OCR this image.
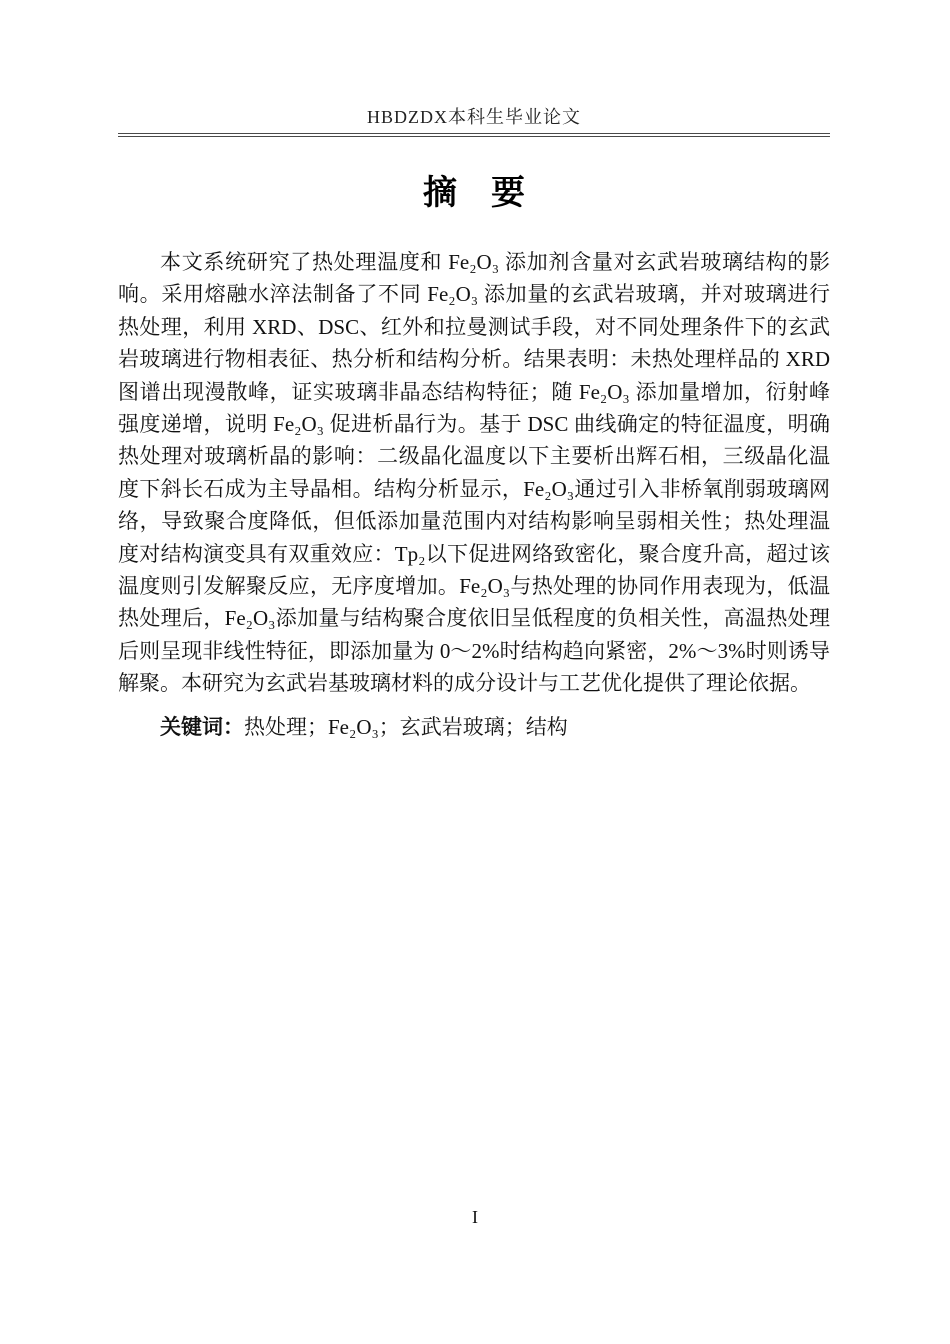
HBDZDX本科生毕业论文
摘　要

本文系统研究了热处理温度和 Fe₂O₃ 添加剂含量对玄武岩玻璃结构的影响。采用熔融水淬法制备了不同 Fe₂O₃ 添加量的玄武岩玻璃，并对玻璃进行热处理，利用 XRD、DSC、红外和拉曼测试手段，对不同处理条件下的玄武岩玻璃进行物相表征、热分析和结构分析。结果表明：未热处理样品的 XRD 图谱出现漫散峰，证实玻璃非晶态结构特征；随 Fe₂O₃ 添加量增加，衍射峰强度递增，说明 Fe₂O₃ 促进析晶行为。基于 DSC 曲线确定的特征温度，明确热处理对玻璃析晶的影响：二级晶化温度以下主要析出辉石相，三级晶化温度下斜长石成为主导晶相。结构分析显示，Fe₂O₃通过引入非桥氧削弱玻璃网络，导致聚合度降低，但低添加量范围内对结构影响呈弱相关性；热处理温度对结构演变具有双重效应：Tp₂以下促进网络致密化，聚合度升高，超过该温度则引发解聚反应，无序度增加。Fe₂O₃与热处理的协同作用表现为，低温热处理后，Fe₂O₃添加量与结构聚合度依旧呈低程度的负相关性，高温热处理后则呈现非线性特征，即添加量为 0～2%时结构趋向紧密，2%～3%时则诱导解聚。本研究为玄武岩基玻璃材料的成分设计与工艺优化提供了理论依据。

关键词：热处理；Fe₂O₃；玄武岩玻璃；结构

I
